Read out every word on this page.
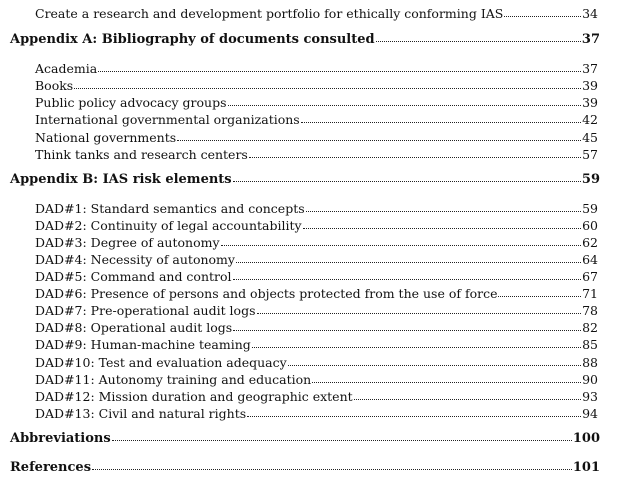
Create a research and development portfolio for ethically conforming IAS	34
Appendix A: Bibliography of documents consulted	37
Academia	37
Books	39
Public policy advocacy groups	39
International governmental organizations	42
National governments	45
Think tanks and research centers	57
Appendix B: IAS risk elements	59
DAD#1: Standard semantics and concepts	59
DAD#2: Continuity of legal accountability	60
DAD#3: Degree of autonomy	62
DAD#4: Necessity of autonomy	64
DAD#5: Command and control	67
DAD#6: Presence of persons and objects protected from the use of force	71
DAD#7: Pre-operational audit logs	78
DAD#8: Operational audit logs	82
DAD#9: Human-machine teaming	85
DAD#10: Test and evaluation adequacy	88
DAD#11: Autonomy training and education	90
DAD#12: Mission duration and geographic extent	93
DAD#13: Civil and natural rights	94
Abbreviations	100
References	101
